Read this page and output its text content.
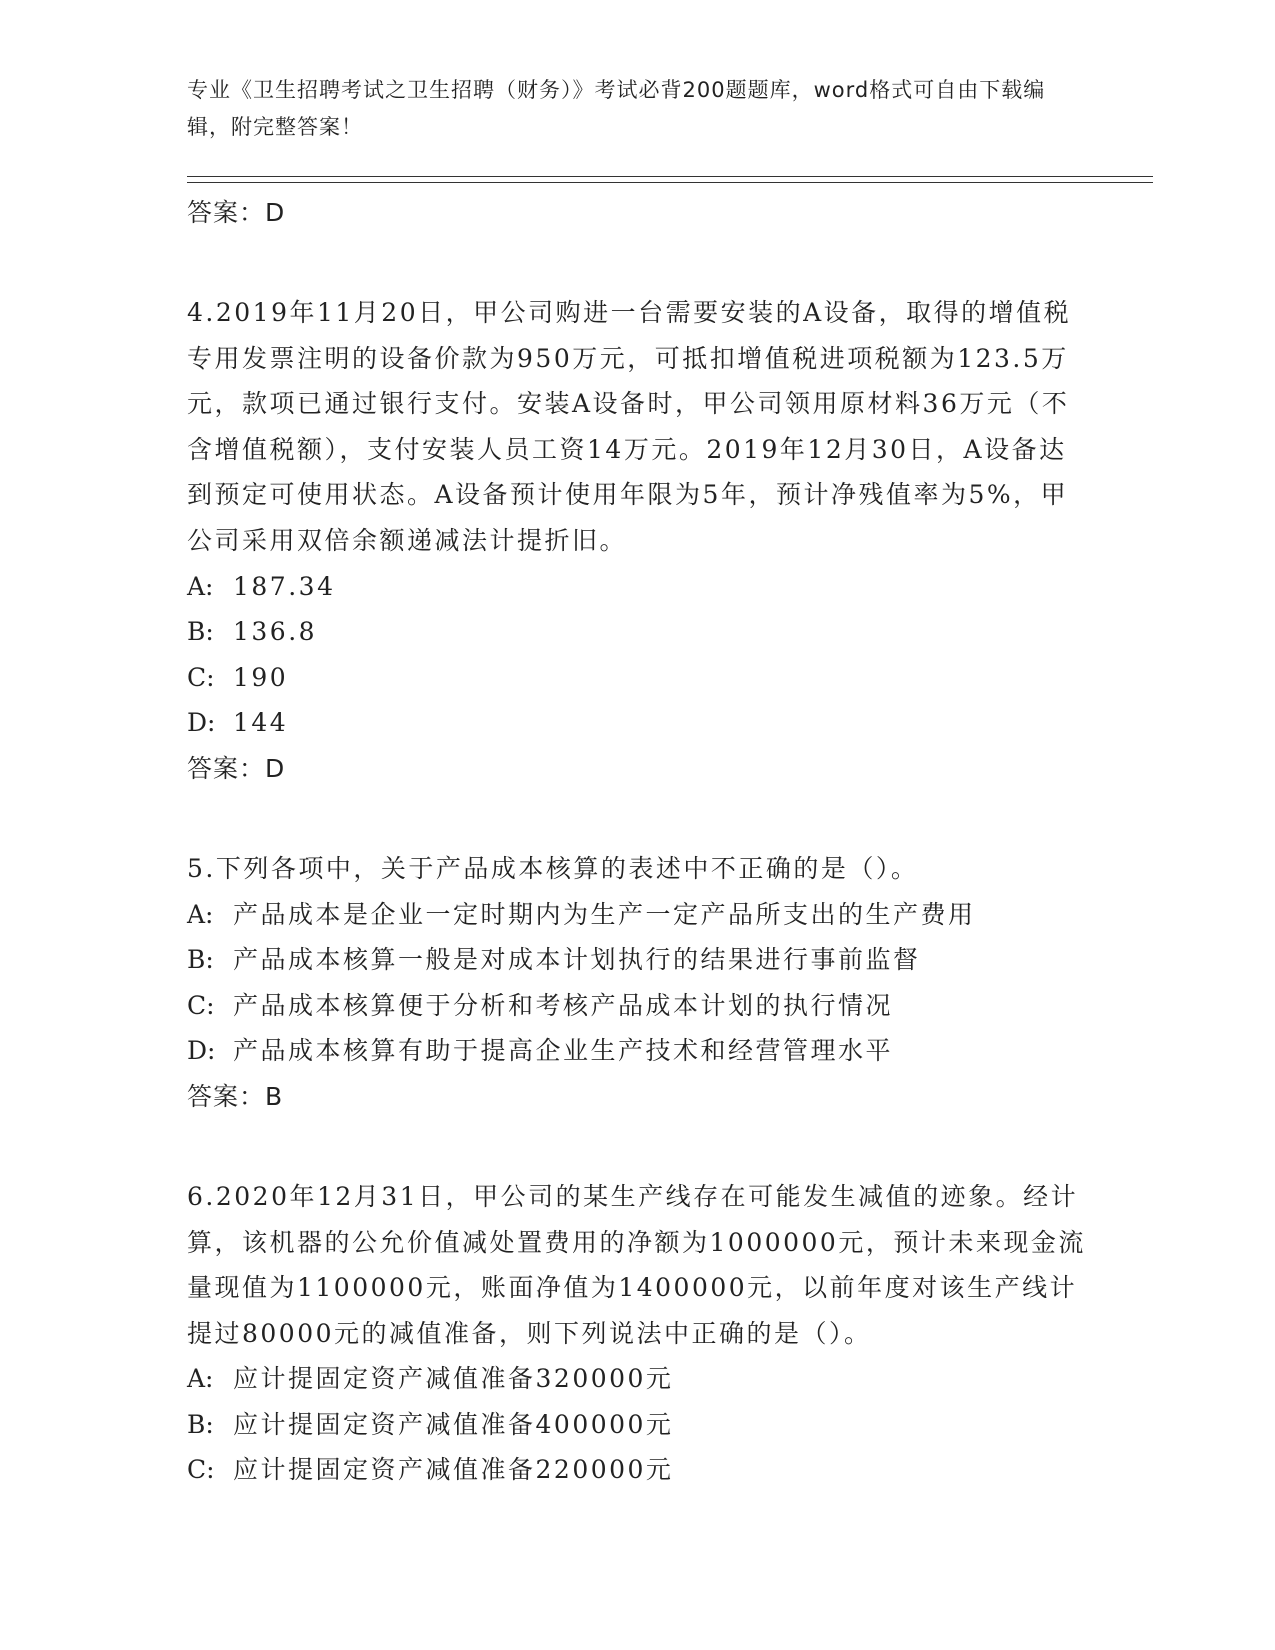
专业《卫生招聘考试之卫生招聘（财务）》考试必背200题题库，word格式可自由下载编辑，附完整答案！
答案：D
4.2019年11月20日，甲公司购进一台需要安装的A设备，取得的增值税专用发票注明的设备价款为950万元，可抵扣增值税进项税额为123.5万元，款项已通过银行支付。安装A设备时，甲公司领用原材料36万元（不含增值税额），支付安装人员工资14万元。2019年12月30日，A设备达到预定可使用状态。A设备预计使用年限为5年，预计净残值率为5%，甲公司采用双倍余额递减法计提折旧。
A: 187.34
B: 136.8
C: 190
D: 144
答案：D
5.下列各项中，关于产品成本核算的表述中不正确的是（）。
A: 产品成本是企业一定时期内为生产一定产品所支出的生产费用
B: 产品成本核算一般是对成本计划执行的结果进行事前监督
C: 产品成本核算便于分析和考核产品成本计划的执行情况
D: 产品成本核算有助于提高企业生产技术和经营管理水平
答案：B
6.2020年12月31日，甲公司的某生产线存在可能发生减值的迹象。经计算，该机器的公允价值减处置费用的净额为1000000元，预计未来现金流量现值为1100000元，账面净值为1400000元，以前年度对该生产线计提过80000元的减值准备，则下列说法中正确的是（）。
A: 应计提固定资产减值准备320000元
B: 应计提固定资产减值准备400000元
C: 应计提固定资产减值准备220000元
